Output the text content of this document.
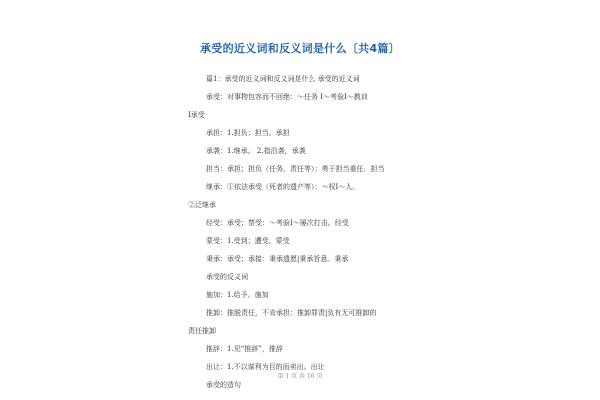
承受的近义词和反义词是什么〔共4篇〕
篇1：承受的近义词和反义词是什么 承受的近义词
承受：对事物包容而不回绝：～任务 Ⅰ～考验Ⅰ～教训
Ⅰ承受
承担：1.担负；担当。承担
承袭：1.继承。 2.指沿袭，承袭
担当：承担；担负（任务、责任等）：勇于担当重任．担当
继承：①依法承受（死者的遗产等）：～权Ⅰ～人。
②泛继承
经受：承受；禁受：～考验Ⅰ～屡次打击。经受
蒙受：1.受到；遭受。蒙受
秉承：承受；承接：秉承遗愿|秉承旨意。秉承
承受的反义词
施加：1.给予。施加
推卸：推脱责任，不肯承担：推卸罪责|负有无可推卸的
责任推卸
推辞：1.见“推辞”，推辞
出让：1.不以谋利为目的而卖出。出让
承受的造句
第 1 页 共 16 页
